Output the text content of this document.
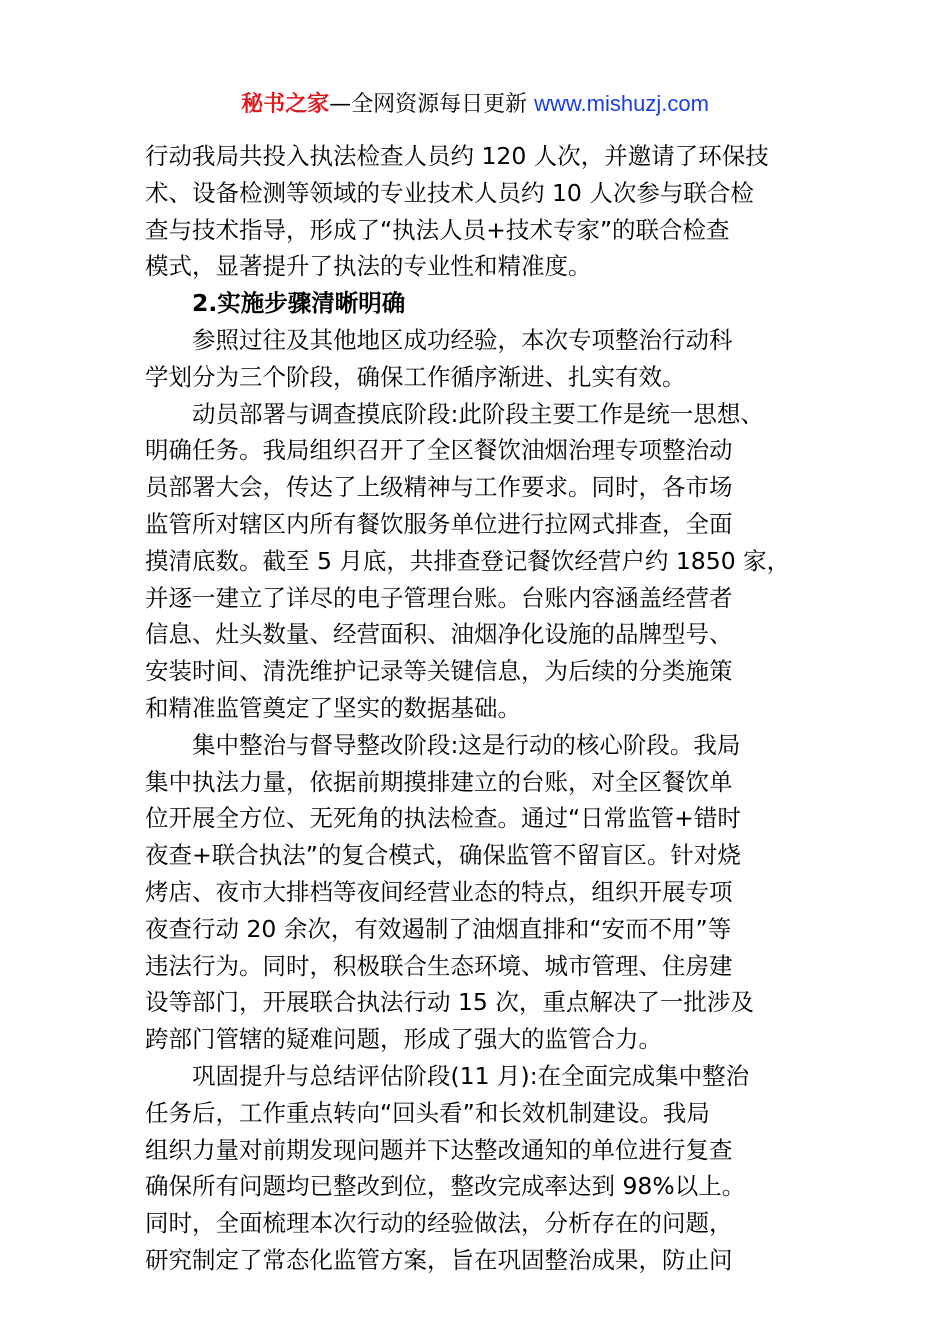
秘书之家—全网资源每日更新 www.mishuzj.com
行动我局共投入执法检查人员约 120 人次，并邀请了环保技
术、设备检测等领域的专业技术人员约 10 人次参与联合检
查与技术指导，形成了“执法人员+技术专家”的联合检查
模式，显著提升了执法的专业性和精准度。
2.实施步骤清晰明确
参照过往及其他地区成功经验，本次专项整治行动科
学划分为三个阶段，确保工作循序渐进、扎实有效。
动员部署与调查摸底阶段:此阶段主要工作是统一思想、
明确任务。我局组织召开了全区餐饮油烟治理专项整治动
员部署大会，传达了上级精神与工作要求。同时，各市场
监管所对辖区内所有餐饮服务单位进行拉网式排查，全面
摸清底数。截至 5 月底，共排查登记餐饮经营户约 1850 家，
并逐一建立了详尽的电子管理台账。台账内容涵盖经营者
信息、灶头数量、经营面积、油烟净化设施的品牌型号、
安装时间、清洗维护记录等关键信息，为后续的分类施策
和精准监管奠定了坚实的数据基础。
集中整治与督导整改阶段:这是行动的核心阶段。我局
集中执法力量，依据前期摸排建立的台账，对全区餐饮单
位开展全方位、无死角的执法检查。通过“日常监管+错时
夜查+联合执法”的复合模式，确保监管不留盲区。针对烧
烤店、夜市大排档等夜间经营业态的特点，组织开展专项
夜查行动 20 余次，有效遏制了油烟直排和“安而不用”等
违法行为。同时，积极联合生态环境、城市管理、住房建
设等部门，开展联合执法行动 15 次，重点解决了一批涉及
跨部门管辖的疑难问题，形成了强大的监管合力。
巩固提升与总结评估阶段(11 月):在全面完成集中整治
任务后，工作重点转向“回头看”和长效机制建设。我局
组织力量对前期发现问题并下达整改通知的单位进行复查
确保所有问题均已整改到位，整改完成率达到 98%以上。
同时，全面梳理本次行动的经验做法，分析存在的问题，
研究制定了常态化监管方案，旨在巩固整治成果，防止问
